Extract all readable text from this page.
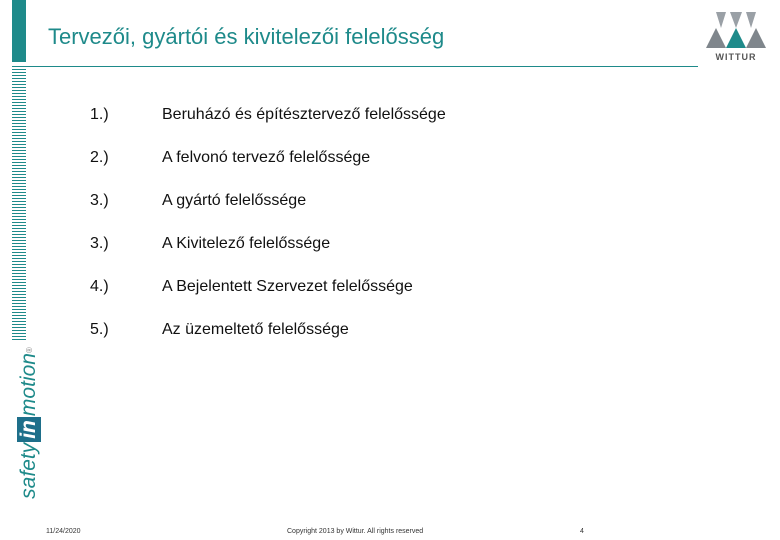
Tervezői, gyártói és kivitelezői felelősség
WITTUR
safety
in
motion
®
1.)	Beruházó és építésztervező felelőssége
2.)	A felvonó tervező felelőssége
3.)	A gyártó felelőssége
3.)	A Kivitelező felelőssége
4.)	A Bejelentett Szervezet felelőssége
5.)	Az üzemeltető felelőssége
11/24/2020	Copyright 2013 by Wittur. All rights reserved	4
